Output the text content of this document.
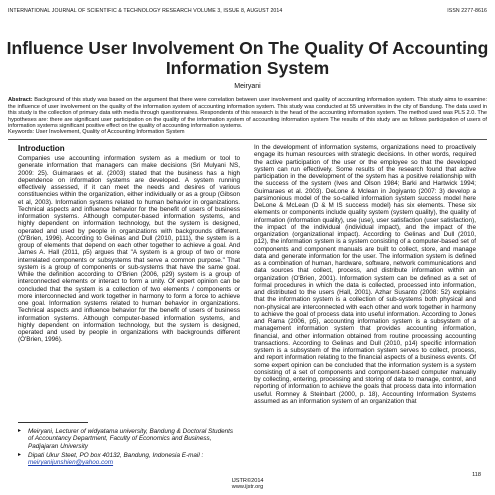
INTERNATIONAL JOURNAL OF SCIENTIFIC & TECHNOLOGY RESEARCH VOLUME 3, ISSUE 8, AUGUST 2014	ISSN 2277-8616
Influence User Involvement On The Quality Of Accounting Information System
Meiryani
Abstract: Background of this study was based on the argument that there were correlation between user involvement and quality of accounting information system. This study aims to examine: the influence of user involvement on the quality of the information system of accounting information system. This study was conducted at 55 universities in the city of Bandung. The data used in this study is the collection of primary data with media through questionnaires. Respondents of this research is the head of the accounting information system. The method used was PLS 2.0. The hypotheses are: there are significant user participation on the quality of the information system of accounting information system The results of this study are as follows participation of users of information systems significant positive effect on the quality of accounting information systems.
Keywords: User Involvement, Quality of Accounting Information System
Introduction

Companies use accounting information system as a medium or tool to generate information that managers can make decisions (Sri Mulyani NS, 2009: 25). Guimaraes et al. (2003) stated that the business has a high dependence on information systems are developed. A system running effectively assessed, if it can meet the needs and desires of various constituencies within the organization, either individually or as a group (Gibson et al, 2003). Information systems related to human behavior in organizations. Technical aspects and influence behavior for the benefit of users of business information systems. Although computer-based information systems, and highly dependent on information technology, but the system is designed, operated and used by people in organizations with backgrounds different. (O'Brien, 1996). According to Gelinas and Dull (2010, p111), the system is a group of elements that depend on each other together to achieve a goal. And James A. Hall (2011, p5) argues that "A system is a group of two or more interrelated components or subsystems that serve a common purpose." That system is a group of components or sub-systems that have the same goal. While the definition according to O'Brien (2006, p29) system is a group of interconnected elements or interact to form a unity. Of expert opinion can be concluded that the system is a collection of two elements / components or more interconnected and work together in harmony to form a force to achieve one goal. Information systems related to human behavior in organizations. Technical aspects and influence behavior for the benefit of users of business information systems. Although computer-based information systems, and highly dependent on information technology, but the system is designed, operated and used by people in organizations with backgrounds different (O'Brien, 1996).

In the development of information systems, organizations need to proactively engage its human resources with strategic decisions. In other words, required the active participation of the user or the employee so that the developed system can run effectively. Some results of the research found that active participation in the development of the system has a positive relationship with the success of the system (Ives and Olson 1984; Barki and Hartwick 1994; Guimaraes et al. 2003). DeLone & Mclean in Jogiyanto (2007: 3) develop a parsimonious model of the so-called information system success model here DeLone & McLean (D & M IS success model) has six elements. These six elements or components include quality system (system quality), the quality of information (information quality), use (use), user satisfaction (user satisfaction), the impact of the individual (individual impact), and the impact of the organization (organizational impact). According to Gelinas and Dull (2010, p12), the information system is a system consisting of a computer-based set of components and component manuals are built to collect, store, and manage data and generate information for the user. The information system is defined as a combination of human, hardware, software, network communications and data sources that collect, process, and distribute information within an organization (O'Brien, 2001). Information system can be defined as a set of formal procedures in which the data is collected, processed into information, and distributed to the users (Hall, 2001). Azhar Susanto (2008: 52) explains that the information system is a collection of sub-systems both physical and non-physical are interconnected with each other and work together in harmony to achieve the goal of process data into useful information. According to Jones and Rama (2006, p5), accounting information system is a subsystem of a management information system that provides accounting information, financial, and other information obtained from routine processing accounting transactions. According to Gelinas and Dull (2010, p14) specific information system is a subsystem of the information system serves to collect, process, and report information relating to the financial aspects of a business events. Of some expert opinion can be concluded that the information system is a system consisting of a set of components and component-based computer manually by collecting, entering, processing and storing of data to manage, control, and reporting of information to achieve the goals that process data into information useful. Romney & Steinbart (2000, p. 18), Accounting Information Systems assumed as an information system of an organization that

▸ Meiryani, Lecturer of widyatama university, Bandung & Doctoral Students of Accountancy Department, Faculty of Economics and Business, Padjajaran University
▸ Dipati Ukur Steet, PO box 40132, Bandung, Indonesia E-mail : meiryanijunshien@yahoo.com
118
IJSTR©2014
www.ijstr.org
